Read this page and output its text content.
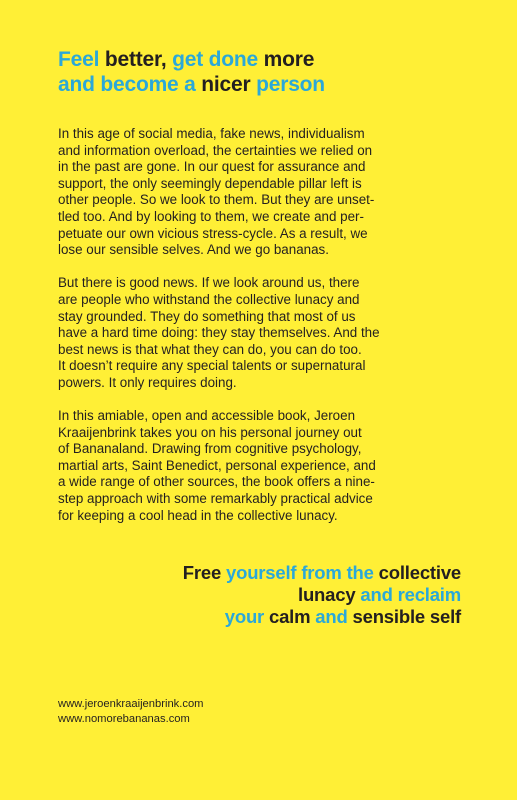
Feel better, get done more
and become a nicer person

In this age of social media, fake news, individualism
and information overload, the certainties we relied on
in the past are gone. In our quest for assurance and
support, the only seemingly dependable pillar left is
other people. So we look to them. But they are unset-
tled too. And by looking to them, we create and per-
petuate our own vicious stress-cycle. As a result, we
lose our sensible selves. And we go bananas.

But there is good news. If we look around us, there
are people who withstand the collective lunacy and
stay grounded. They do something that most of us
have a hard time doing: they stay themselves. And the
best news is that what they can do, you can do too.
It doesn’t require any special talents or supernatural
powers. It only requires doing.

In this amiable, open and accessible book, Jeroen
Kraaijenbrink takes you on his personal journey out
of Bananaland. Drawing from cognitive psychology,
martial arts, Saint Benedict, personal experience, and
a wide range of other sources, the book offers a nine-
step approach with some remarkably practical advice
for keeping a cool head in the collective lunacy.

Free yourself from the collective
lunacy and reclaim
your calm and sensible self
www.jeroenkraaijenbrink.com
www.nomorebananas.com
